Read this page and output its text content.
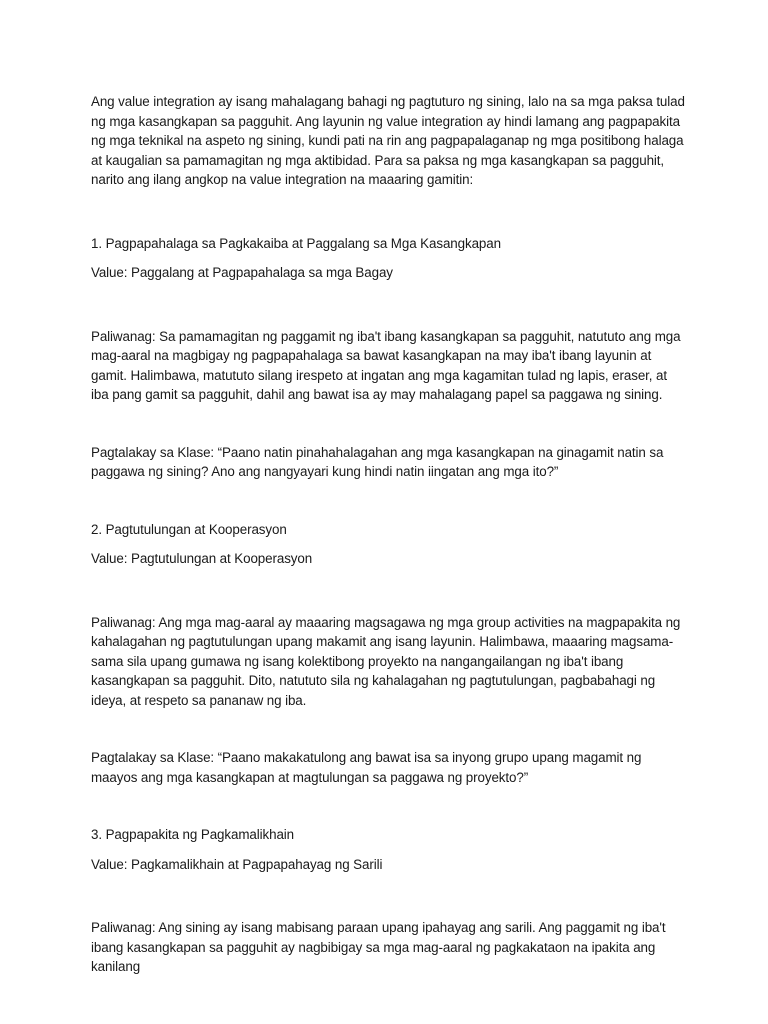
Ang value integration ay isang mahalagang bahagi ng pagtuturo ng sining, lalo na sa mga paksa tulad ng mga kasangkapan sa pagguhit. Ang layunin ng value integration ay hindi lamang ang pagpapakita ng mga teknikal na aspeto ng sining, kundi pati na rin ang pagpapalaganap ng mga positibong halaga at kaugalian sa pamamagitan ng mga aktibidad. Para sa paksa ng mga kasangkapan sa pagguhit, narito ang ilang angkop na value integration na maaaring gamitin:

1. Pagpapahalaga sa Pagkakaiba at Paggalang sa Mga Kasangkapan

Value: Paggalang at Pagpapahalaga sa mga Bagay

Paliwanag: Sa pamamagitan ng paggamit ng iba't ibang kasangkapan sa pagguhit, natututo ang mga mag-aaral na magbigay ng pagpapahalaga sa bawat kasangkapan na may iba't ibang layunin at gamit. Halimbawa, matututo silang irespeto at ingatan ang mga kagamitan tulad ng lapis, eraser, at iba pang gamit sa pagguhit, dahil ang bawat isa ay may mahalagang papel sa paggawa ng sining.

Pagtalakay sa Klase: “Paano natin pinahahalagahan ang mga kasangkapan na ginagamit natin sa paggawa ng sining? Ano ang nangyayari kung hindi natin iingatan ang mga ito?”

2. Pagtutulungan at Kooperasyon

Value: Pagtutulungan at Kooperasyon

Paliwanag: Ang mga mag-aaral ay maaaring magsagawa ng mga group activities na magpapakita ng kahalagahan ng pagtutulungan upang makamit ang isang layunin. Halimbawa, maaaring magsama-sama sila upang gumawa ng isang kolektibong proyekto na nangangailangan ng iba't ibang kasangkapan sa pagguhit. Dito, natututo sila ng kahalagahan ng pagtutulungan, pagbabahagi ng ideya, at respeto sa pananaw ng iba.

Pagtalakay sa Klase: “Paano makakatulong ang bawat isa sa inyong grupo upang magamit ng maayos ang mga kasangkapan at magtulungan sa paggawa ng proyekto?”

3. Pagpapakita ng Pagkamalikhain

Value: Pagkamalikhain at Pagpapahayag ng Sarili

Paliwanag: Ang sining ay isang mabisang paraan upang ipahayag ang sarili. Ang paggamit ng iba't ibang kasangkapan sa pagguhit ay nagbibigay sa mga mag-aaral ng pagkakataon na ipakita ang kanilang
